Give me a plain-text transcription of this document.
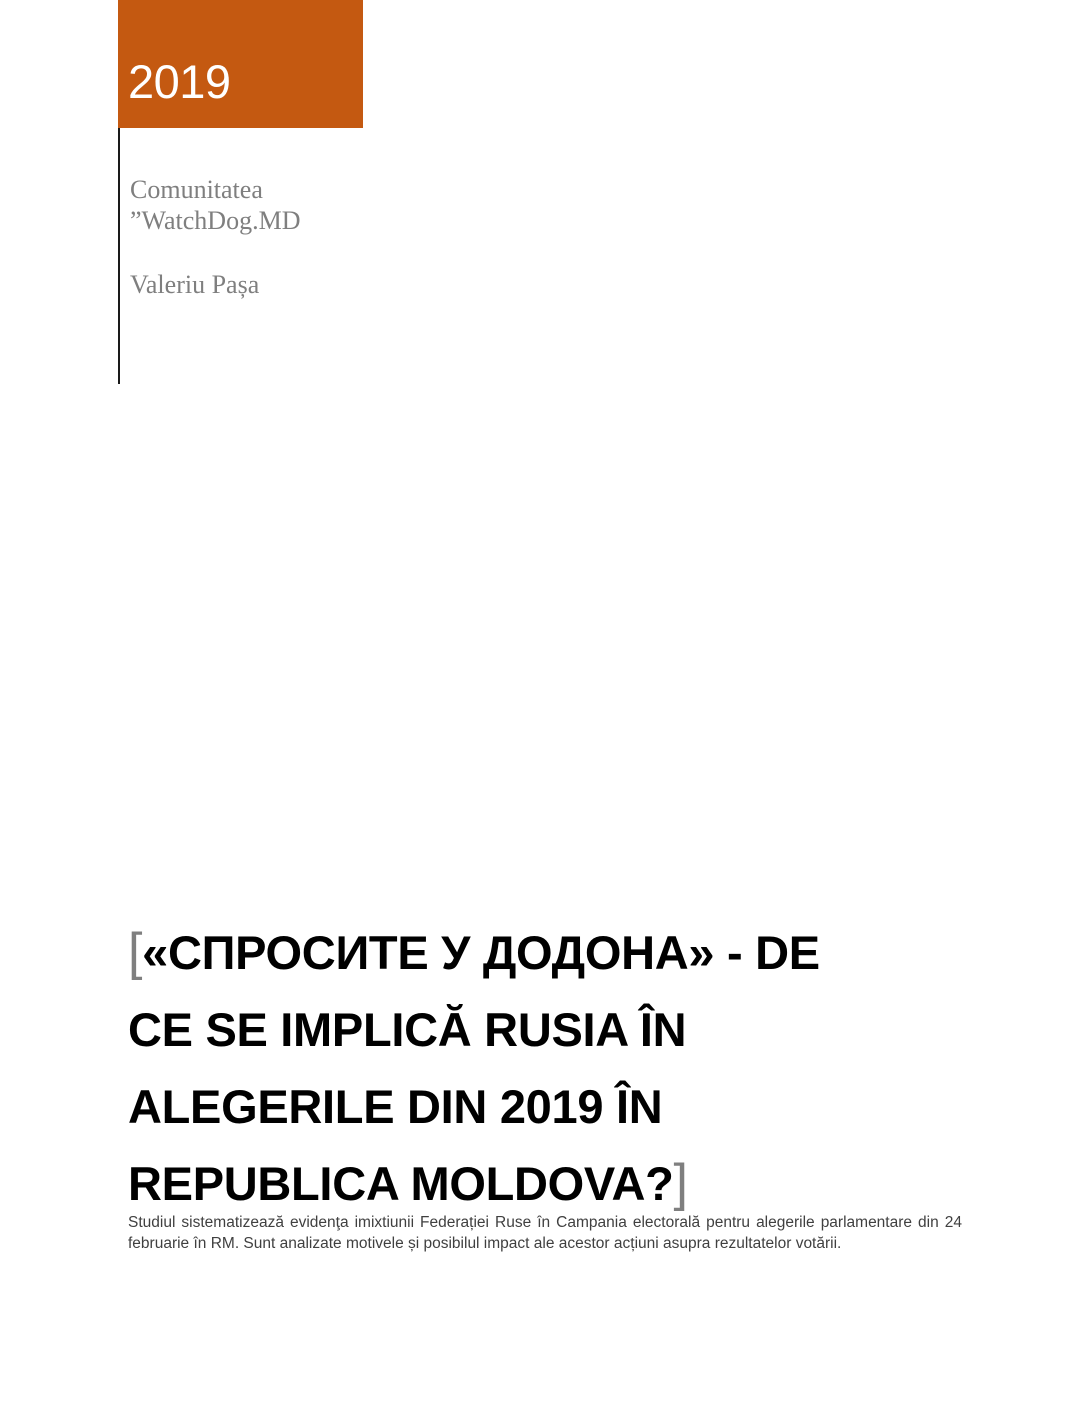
2019
Comunitatea
”WatchDog.MD
Valeriu Pașa
[«СПРОСИТЕ У ДОДОНА» - DE
CE SE IMPLICĂ RUSIA ÎN
ALEGERILE DIN 2019 ÎN
REPUBLICA MOLDOVA?]
Studiul sistematizează evidenţa imixtiunii Federației Ruse în Campania electorală pentru alegerile parlamentare din 24 februarie în RM. Sunt analizate motivele și posibilul impact ale acestor acțiuni asupra rezultatelor votării.
